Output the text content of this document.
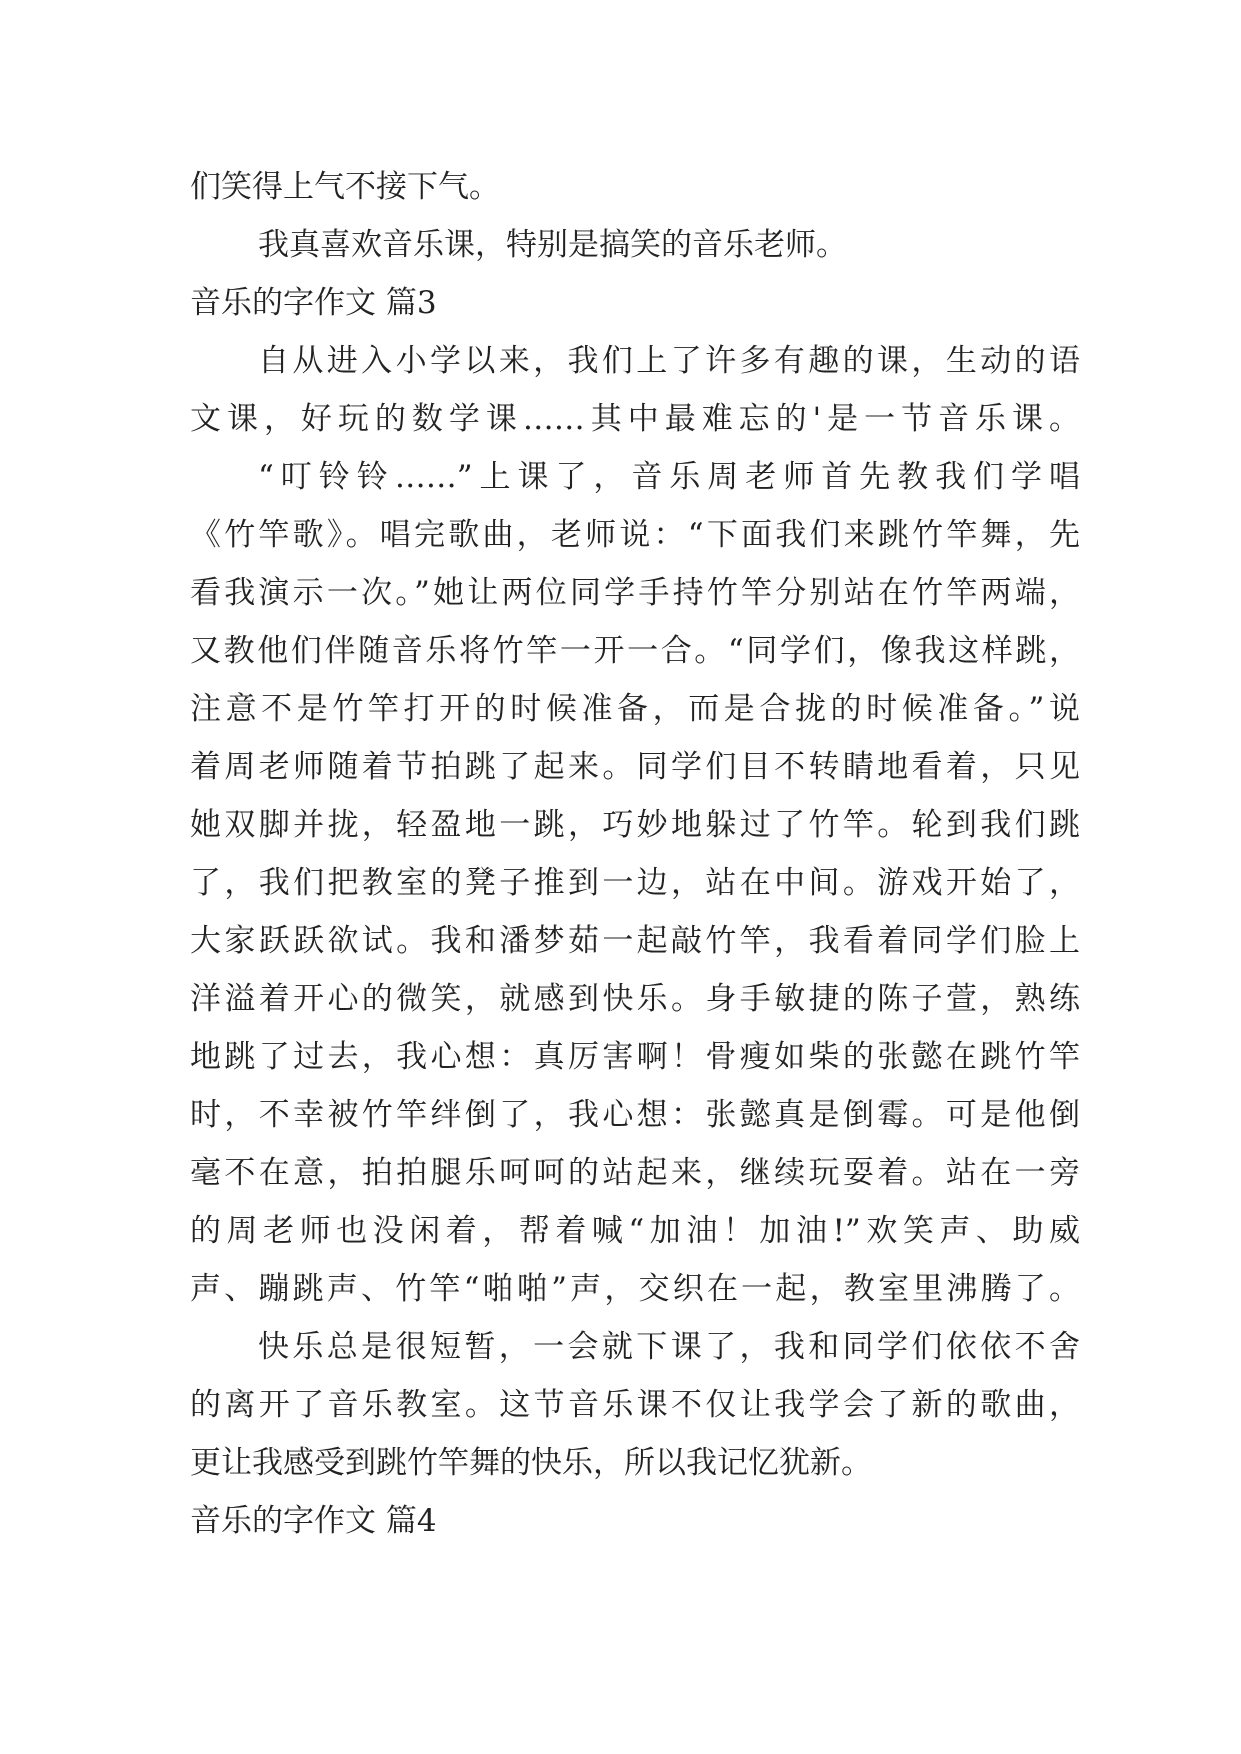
们笑得上气不接下气。
我真喜欢音乐课，特别是搞笑的音乐老师。
音乐的字作文 篇3
自从进入小学以来，我们上了许多有趣的课，生动的语
文课，好玩的数学课……其中最难忘的'是一节音乐课。
“叮铃铃……”上课了，音乐周老师首先教我们学唱
《竹竿歌》。唱完歌曲，老师说：“下面我们来跳竹竿舞，先
看我演示一次。”她让两位同学手持竹竿分别站在竹竿两端，
又教他们伴随音乐将竹竿一开一合。“同学们，像我这样跳，
注意不是竹竿打开的时候准备，而是合拢的时候准备。”说
着周老师随着节拍跳了起来。同学们目不转睛地看着，只见
她双脚并拢，轻盈地一跳，巧妙地躲过了竹竿。轮到我们跳
了，我们把教室的凳子推到一边，站在中间。游戏开始了，
大家跃跃欲试。我和潘梦茹一起敲竹竿，我看着同学们脸上
洋溢着开心的微笑，就感到快乐。身手敏捷的陈子萱，熟练
地跳了过去，我心想：真厉害啊！骨瘦如柴的张懿在跳竹竿
时，不幸被竹竿绊倒了，我心想：张懿真是倒霉。可是他倒
毫不在意，拍拍腿乐呵呵的站起来，继续玩耍着。站在一旁
的周老师也没闲着，帮着喊“加油！加油!”欢笑声、助威
声、蹦跳声、竹竿“啪啪”声，交织在一起，教室里沸腾了。
快乐总是很短暂，一会就下课了，我和同学们依依不舍
的离开了音乐教室。这节音乐课不仅让我学会了新的歌曲，
更让我感受到跳竹竿舞的快乐，所以我记忆犹新。
音乐的字作文 篇4
